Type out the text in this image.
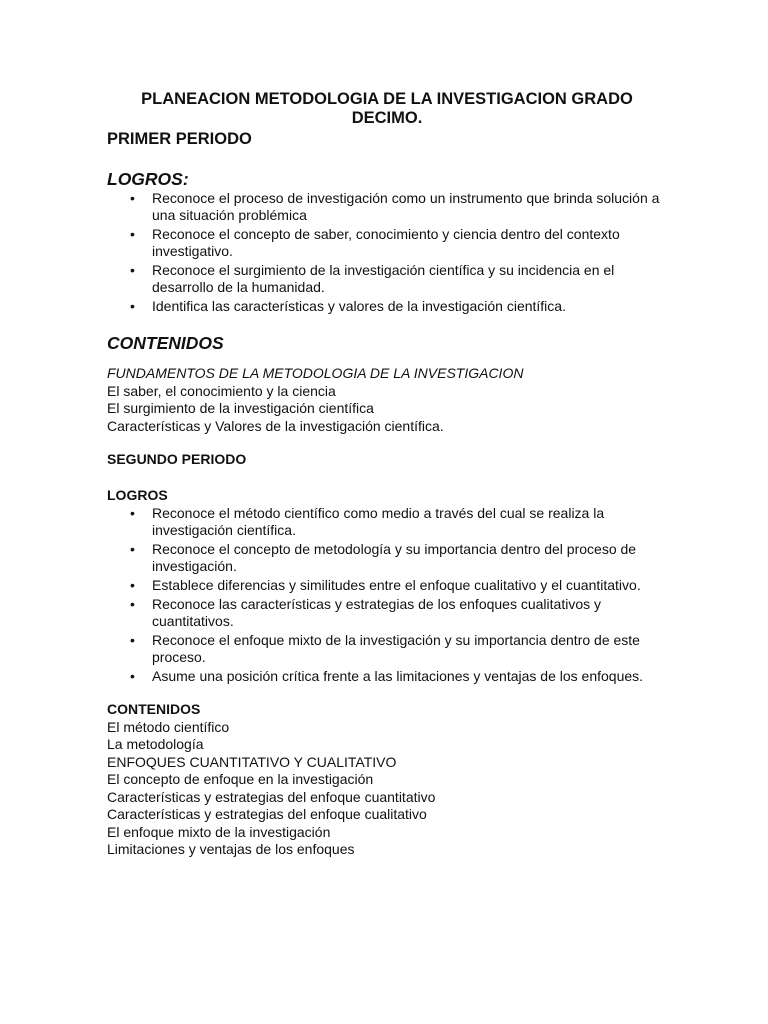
PLANEACION METODOLOGIA DE LA INVESTIGACION GRADO DECIMO.

PRIMER PERIODO

LOGROS:

• Reconoce el proceso de investigación como un instrumento que brinda solución a una situación problémica
• Reconoce el concepto de saber, conocimiento y ciencia dentro del contexto investigativo.
• Reconoce el surgimiento de la investigación científica y su incidencia en el desarrollo de la humanidad.
• Identifica las características y valores de la investigación científica.

CONTENIDOS

FUNDAMENTOS DE LA METODOLOGIA DE LA INVESTIGACION

El saber, el conocimiento y la ciencia

El surgimiento de la investigación científica

Características y Valores de la investigación científica.

SEGUNDO PERIODO

LOGROS

• Reconoce el método científico como medio a través del cual se realiza la investigación científica.
• Reconoce el concepto de metodología y su importancia dentro del proceso de investigación.
• Establece diferencias y similitudes entre el enfoque cualitativo y el cuantitativo.
• Reconoce las características y estrategias de los enfoques cualitativos y cuantitativos.
• Reconoce el enfoque mixto de la investigación y su importancia dentro de este proceso.
• Asume una posición crítica frente a las limitaciones y ventajas de los enfoques.

CONTENIDOS

El método científico

La metodología

ENFOQUES CUANTITATIVO Y CUALITATIVO

El concepto de enfoque en la investigación

Características y estrategias del enfoque cuantitativo

Características y estrategias del enfoque cualitativo

El enfoque mixto de la investigación

Limitaciones y ventajas de los enfoques
